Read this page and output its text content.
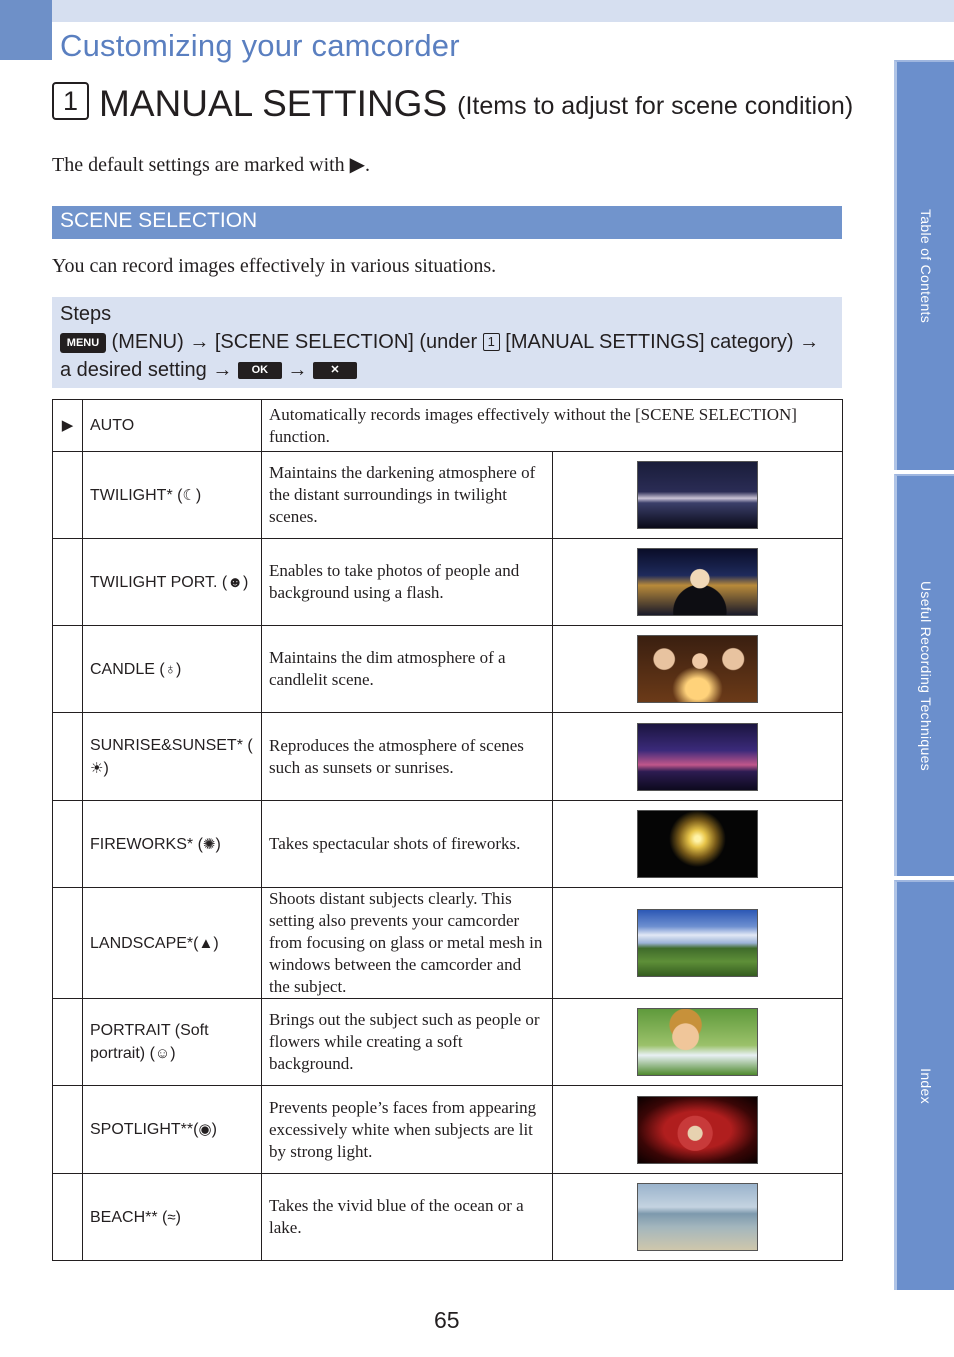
Customizing your camcorder
1 MANUAL SETTINGS (Items to adjust for scene condition)
The default settings are marked with ▶.
SCENE SELECTION
You can record images effectively in various situations.
Steps
MENU (MENU) → [SCENE SELECTION] (under 1 [MANUAL SETTINGS] category) → a desired setting → OK → ✕
▶	AUTO	Automatically records images effectively without the [SCENE SELECTION] function.	
	TWILIGHT* (☾)	Maintains the darkening atmosphere of the distant surroundings in twilight scenes.	
	TWILIGHT PORT. (☻)	Enables to take photos of people and background using a flash.	
	CANDLE (♁)	Maintains the dim atmosphere of a candlelit scene.	
	SUNRISE&SUNSET* (☀)	Reproduces the atmosphere of scenes such as sunsets or sunrises.	
	FIREWORKS* (✺)	Takes spectacular shots of fireworks.	
	LANDSCAPE*(▲)	Shoots distant subjects clearly. This setting also prevents your camcorder from focusing on glass or metal mesh in windows between the camcorder and the subject.	
	PORTRAIT (Soft portrait) (☺)	Brings out the subject such as people or flowers while creating a soft background.	
	SPOTLIGHT**(◉)	Prevents people’s faces from appearing excessively white when subjects are lit by strong light.	
	BEACH** (≈)	Takes the vivid blue of the ocean or a lake.	
Table of Contents
Useful Recording Techniques
Index
65
